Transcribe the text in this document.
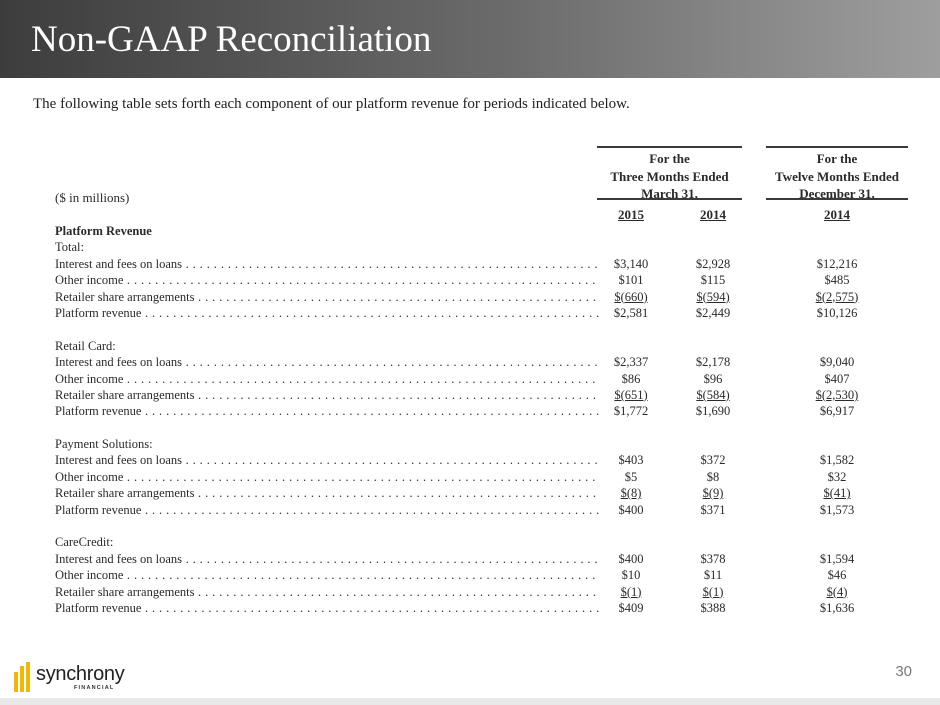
Non-GAAP Reconciliation
The following table sets forth each component of our platform revenue for periods indicated below.
For the
Three Months Ended
March 31,
For the
Twelve Months Ended
December 31,
($ in millions)
2015	2014	2014
Platform Revenue
Total:
Interest and fees on loans . . .	$3,140	$2,928	$12,216
Other income . . .	$101	$115	$485
Retailer share arrangements . . .	$(660)	$(594)	$(2,575)
Platform revenue . . .	$2,581	$2,449	$10,126
Retail Card:
Interest and fees on loans . . .	$2,337	$2,178	$9,040
Other income . . .	$86	$96	$407
Retailer share arrangements . . .	$(651)	$(584)	$(2,530)
Platform revenue . . .	$1,772	$1,690	$6,917
Payment Solutions:
Interest and fees on loans . . .	$403	$372	$1,582
Other income . . .	$5	$8	$32
Retailer share arrangements . . .	$(8)	$(9)	$(41)
Platform revenue . . .	$400	$371	$1,573
CareCredit:
Interest and fees on loans . . .	$400	$378	$1,594
Other income . . .	$10	$11	$46
Retailer share arrangements . . .	$(1)	$(1)	$(4)
Platform revenue . . .	$409	$388	$1,636
synchrony
FINANCIAL
30
